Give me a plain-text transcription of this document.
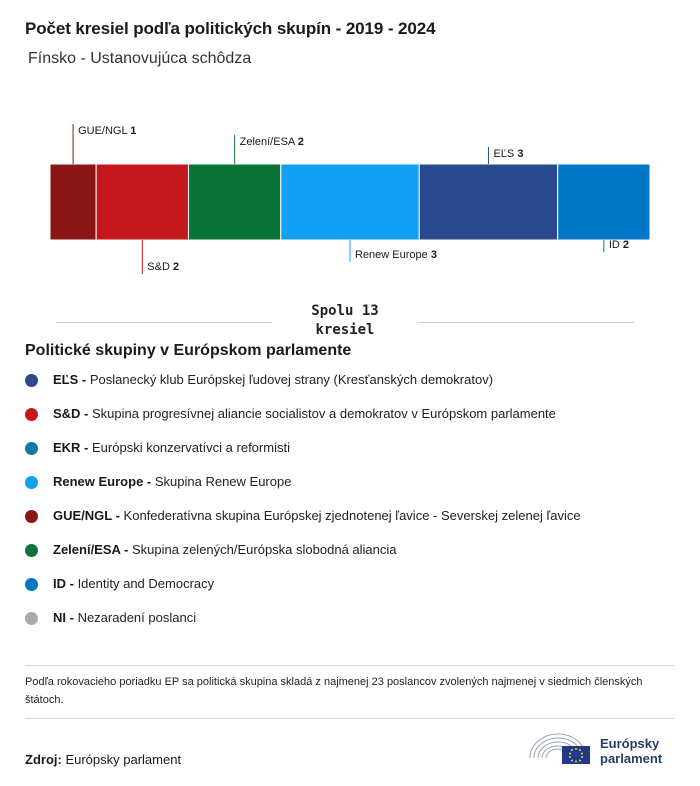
Počet kresiel podľa politických skupín - 2019 - 2024
Fínsko - Ustanovujúca schôdza
GUE/NGL 1
S&D 2
Zelení/ESA 2
Renew Europe 3
EĽS 3
ID 2
Spolu 13
kresiel
Politické skupiny v Európskom parlamente
EĽS - Poslanecký klub Európskej ľudovej strany (Kresťanských demokratov)
S&D - Skupina progresívnej aliancie socialistov a demokratov v Európskom parlamente
EKR - Európski konzervatívci a reformisti
Renew Europe - Skupina Renew Europe
GUE/NGL - Konfederatívna skupina Európskej zjednotenej ľavice - Severskej zelenej ľavice
Zelení/ESA - Skupina zelených/Európska slobodná aliancia
ID - Identity and Democracy
NI - Nezaradení poslanci
Podľa rokovacieho poriadku EP sa politická skupina skladá z najmenej 23 poslancov zvolených najmenej v siedmich členských štátoch.
Zdroj: Európsky parlament
Európsky
parlament
